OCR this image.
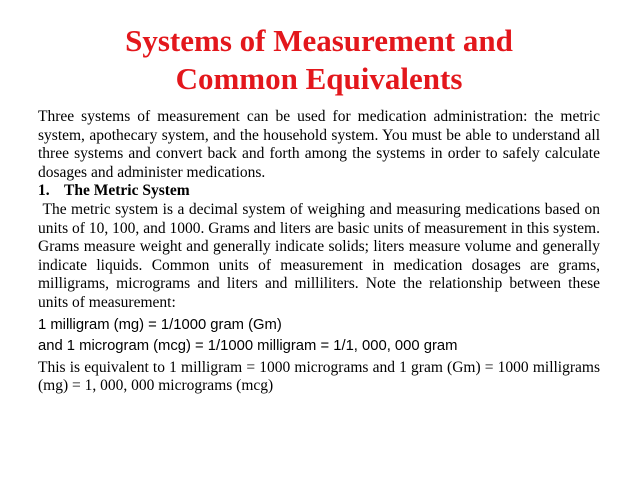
Systems of Measurement and
Common Equivalents

Three systems of measurement can be used for medication administration: the metric system, apothecary system, and the household system. You must be able to understand all three systems and convert back and forth among the systems in order to safely calculate dosages and administer medications.

1. The Metric System

The metric system is a decimal system of weighing and measuring medications based on units of 10, 100, and 1000. Grams and liters are basic units of measurement in this system. Grams measure weight and generally indicate solids; liters measure volume and generally indicate liquids. Common units of measurement in medication dosages are grams, milligrams, micrograms and liters and milliliters. Note the relationship between these units of measurement:

1 milligram (mg) = 1/1000 gram (Gm)

and 1 microgram (mcg) = 1/1000 milligram = 1/1, 000, 000 gram

This is equivalent to 1 milligram = 1000 micrograms and 1 gram (Gm) = 1000 milligrams (mg) = 1, 000, 000 micrograms (mcg)
